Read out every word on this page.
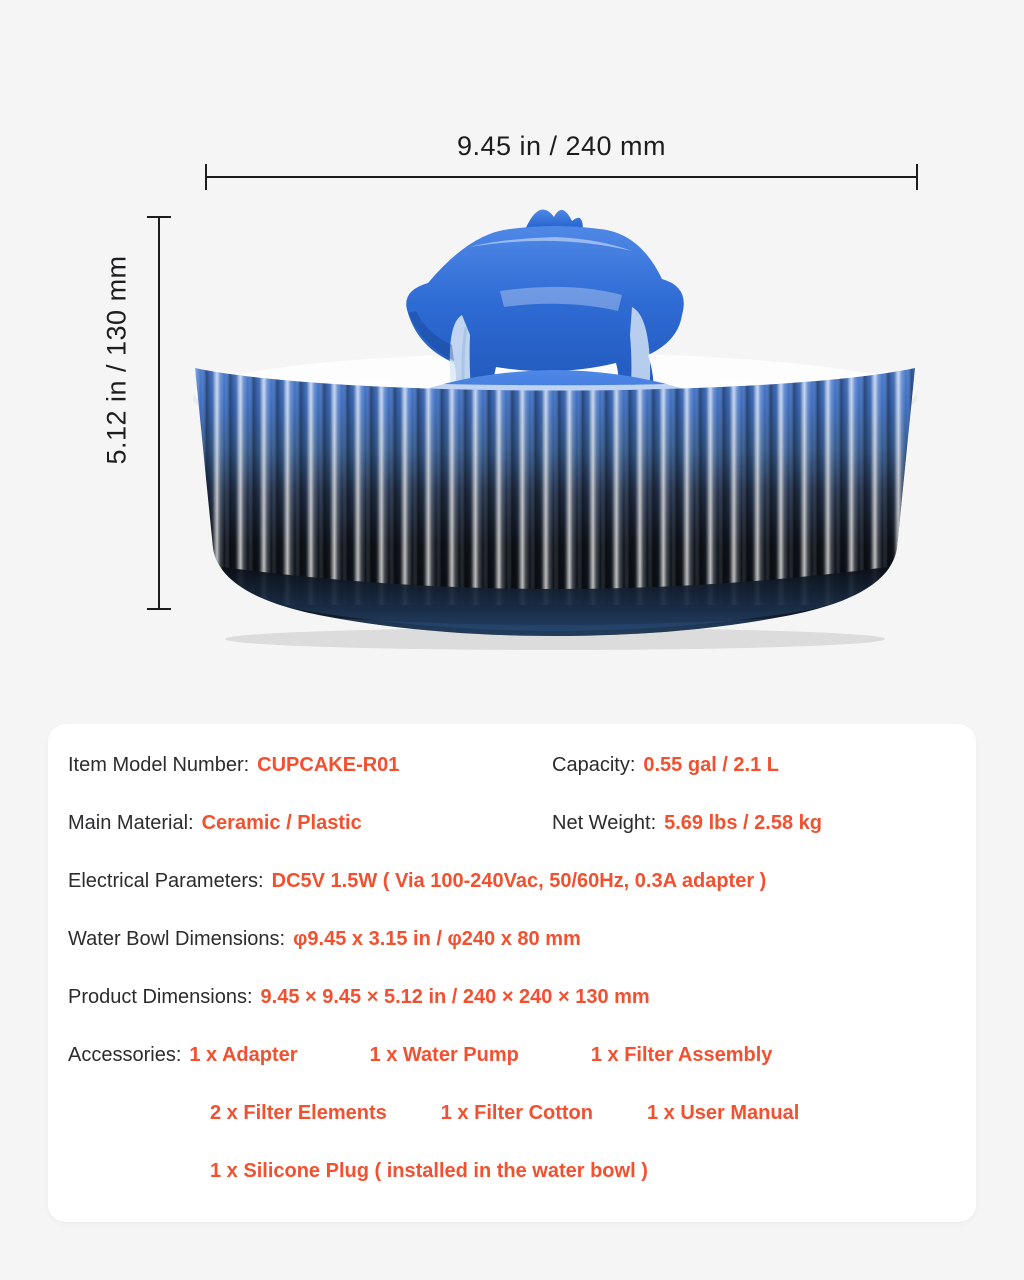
9.45 in / 240 mm
5.12 in / 130 mm
Item Model Number: CUPCAKE-R01	Capacity: 0.55 gal / 2.1 L
Main Material: Ceramic / Plastic	Net Weight: 5.69 lbs / 2.58 kg
Electrical Parameters: DC5V 1.5W ( Via 100-240Vac, 50/60Hz, 0.3A adapter )
Water Bowl Dimensions: φ9.45 x 3.15 in / φ240 x 80 mm
Product Dimensions: 9.45 × 9.45 × 5.12 in / 240 × 240 × 130 mm
Accessories: 1 x Adapter	1 x Water Pump	1 x Filter Assembly
2 x Filter Elements	1 x Filter Cotton	1 x User Manual
1 x Silicone Plug ( installed in the water bowl )
